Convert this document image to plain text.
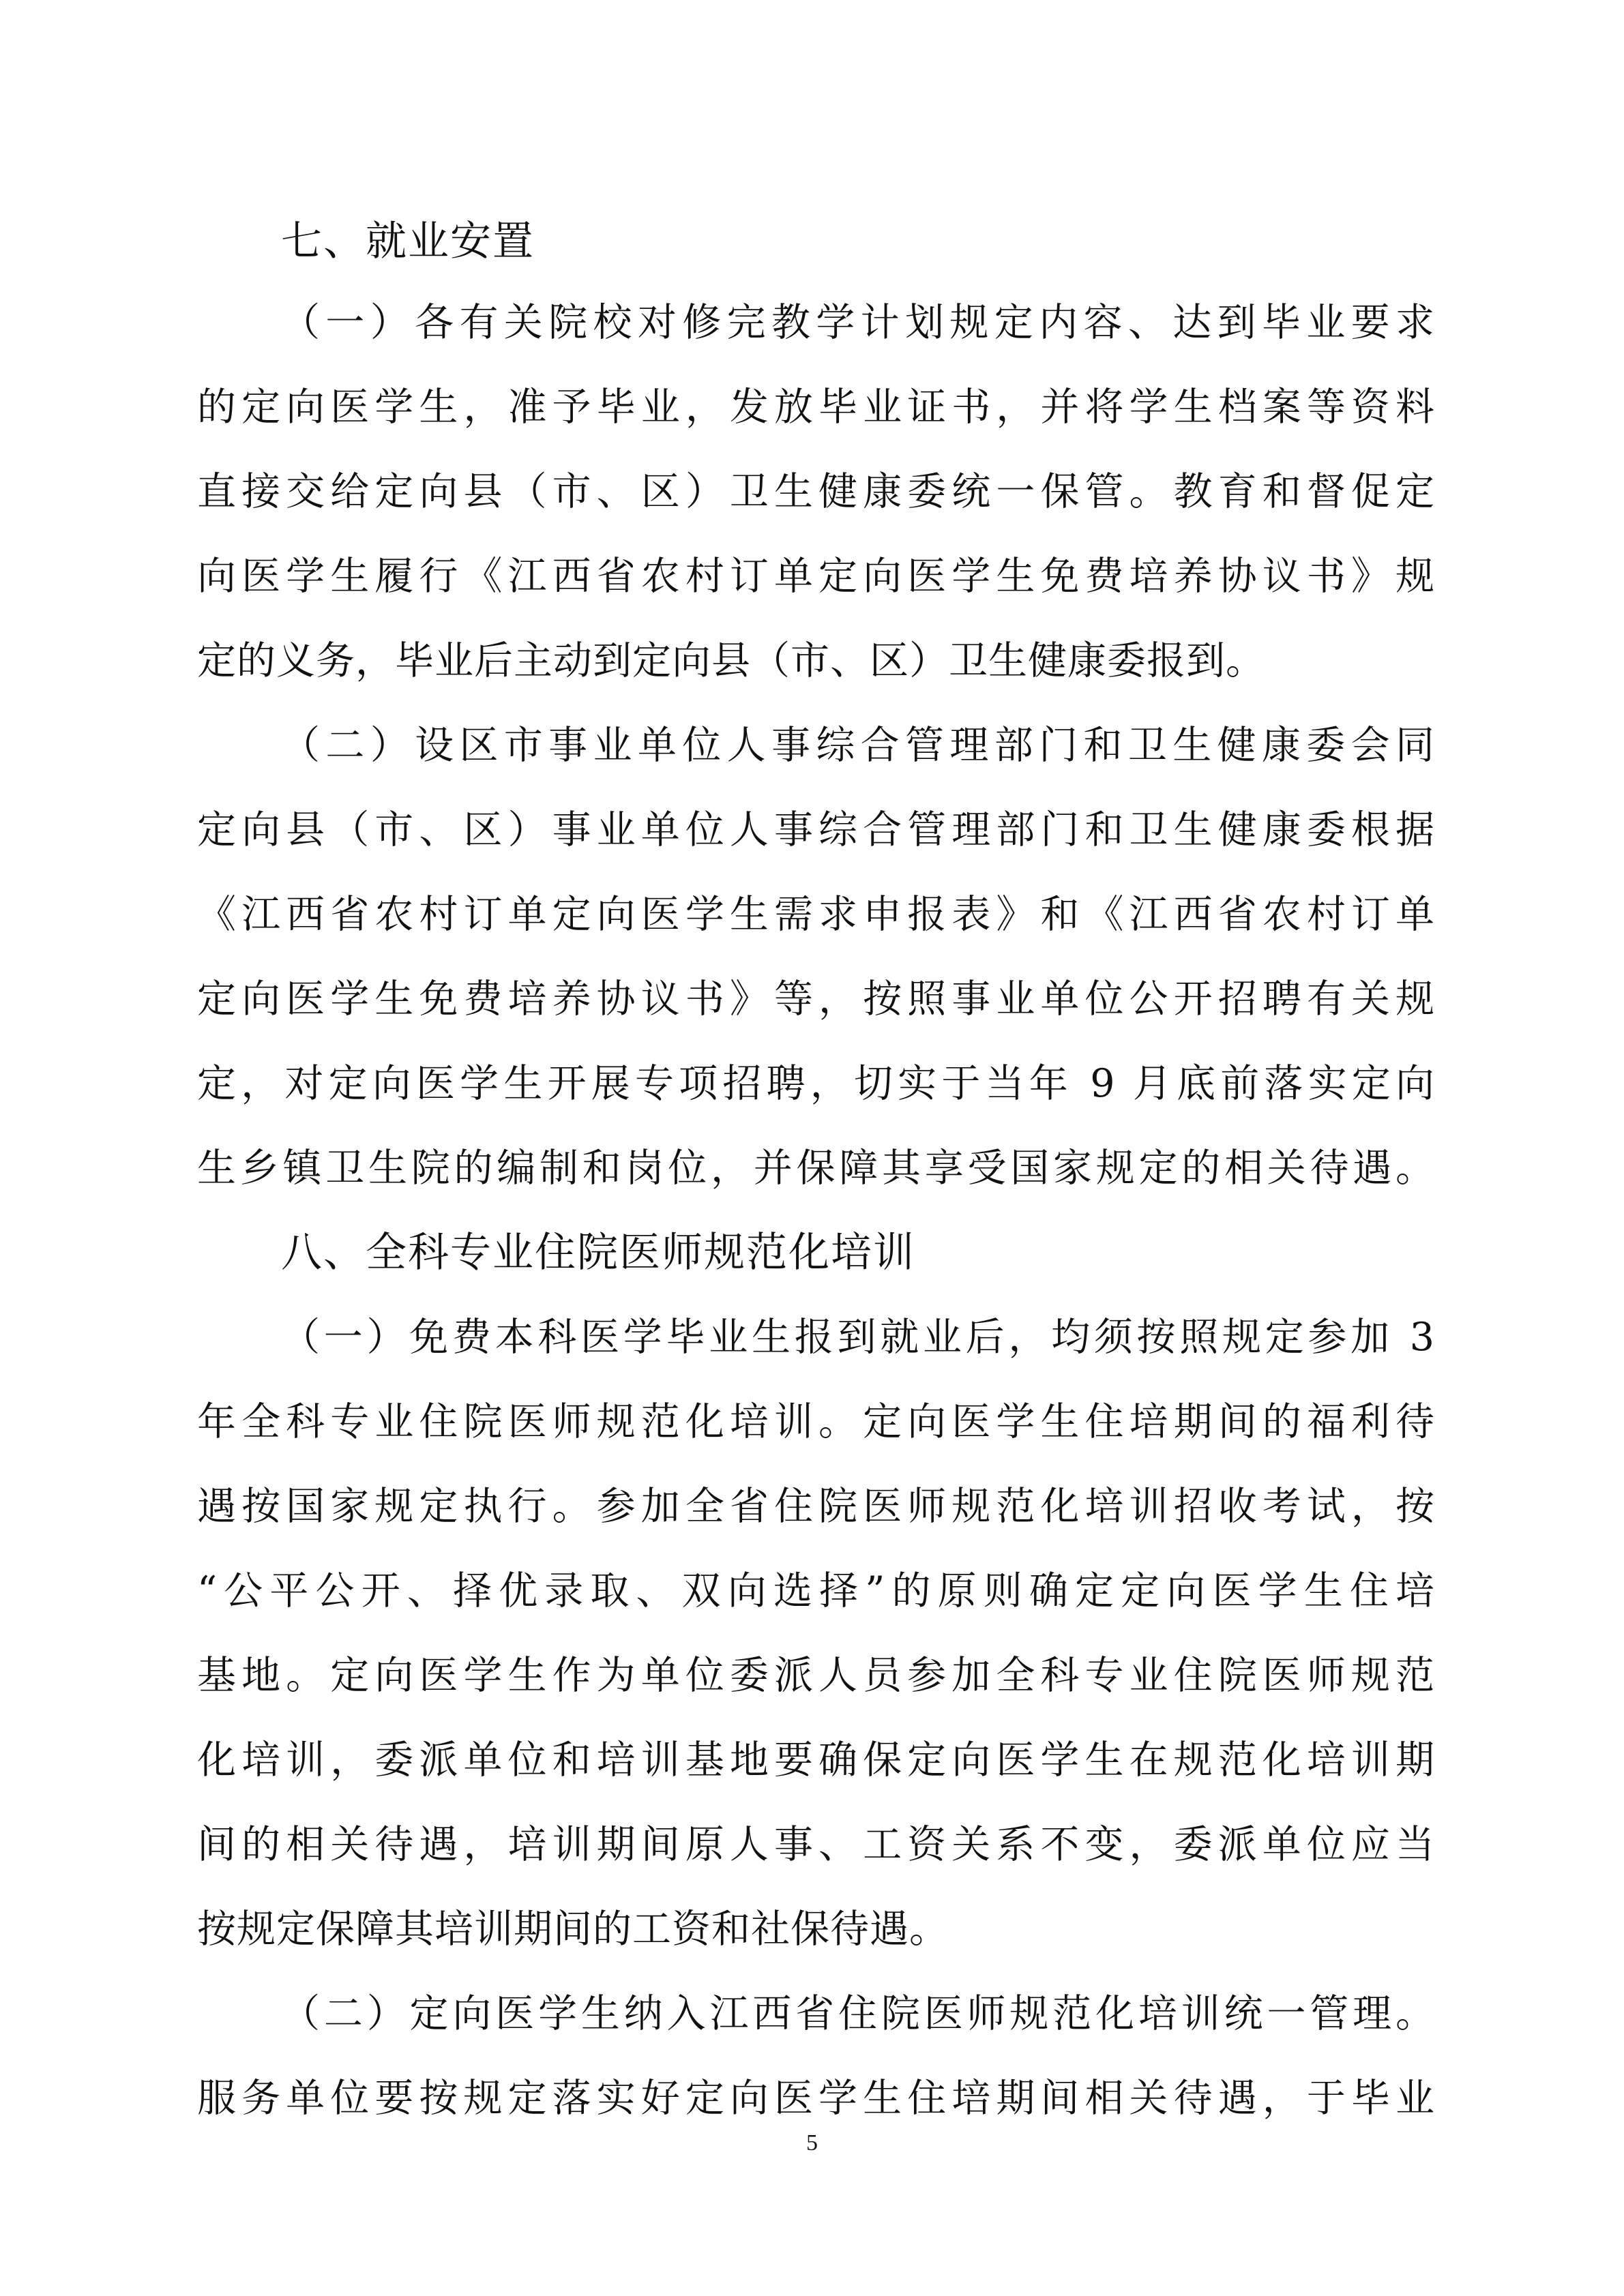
七、就业安置
（一）各有关院校对修完教学计划规定内容、达到毕业要求
的定向医学生，准予毕业，发放毕业证书，并将学生档案等资料
直接交给定向县（市、区）卫生健康委统一保管。教育和督促定
向医学生履行《江西省农村订单定向医学生免费培养协议书》规
定的义务，毕业后主动到定向县（市、区）卫生健康委报到。
（二）设区市事业单位人事综合管理部门和卫生健康委会同
定向县（市、区）事业单位人事综合管理部门和卫生健康委根据
《江西省农村订单定向医学生需求申报表》和《江西省农村订单
定向医学生免费培养协议书》等，按照事业单位公开招聘有关规
定，对定向医学生开展专项招聘，切实于当年 9 月底前落实定向
生乡镇卫生院的编制和岗位，并保障其享受国家规定的相关待遇。
八、全科专业住院医师规范化培训
（一）免费本科医学毕业生报到就业后，均须按照规定参加 3
年全科专业住院医师规范化培训。定向医学生住培期间的福利待
遇按国家规定执行。参加全省住院医师规范化培训招收考试，按
“公平公开、择优录取、双向选择”的原则确定定向医学生住培
基地。定向医学生作为单位委派人员参加全科专业住院医师规范
化培训，委派单位和培训基地要确保定向医学生在规范化培训期
间的相关待遇，培训期间原人事、工资关系不变，委派单位应当
按规定保障其培训期间的工资和社保待遇。
（二）定向医学生纳入江西省住院医师规范化培训统一管理。
服务单位要按规定落实好定向医学生住培期间相关待遇，于毕业
5
